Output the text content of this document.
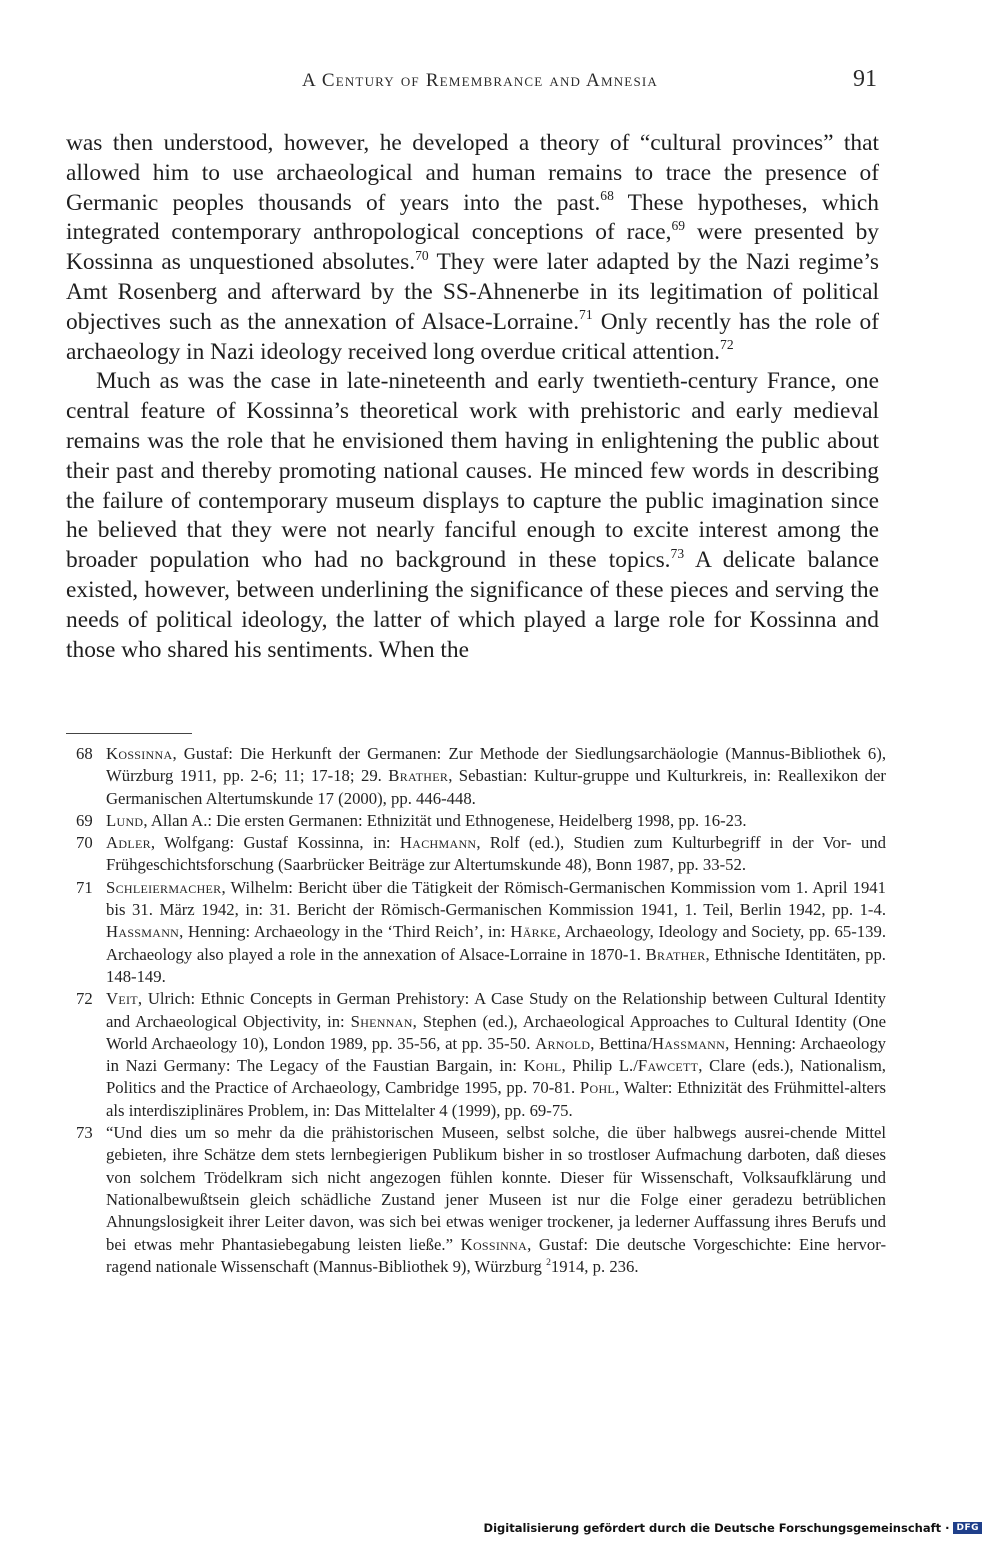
A Century of Remembrance and Amnesia	91

was then understood, however, he developed a theory of “cultural provinces” that allowed him to use archaeological and human remains to trace the presence of Germanic peoples thousands of years into the past.$^{68}$ These hypotheses, which integrated contemporary anthropological conceptions of race,$^{69}$ were presented by Kossinna as unquestioned absolutes.$^{70}$ They were later adapted by the Nazi regime’s Amt Rosenberg and afterward by the SS-Ahnenerbe in its legitimation of political objectives such as the annexation of Alsace-Lorraine.$^{71}$ Only recently has the role of archaeology in Nazi ideology received long overdue critical attention.$^{72}$

Much as was the case in late-nineteenth and early twentieth-century France, one central feature of Kossinna’s theoretical work with prehistoric and early medieval remains was the role that he envisioned them having in enlightening the public about their past and thereby promoting national causes. He minced few words in describing the failure of contemporary museum displays to capture the public imagination since he believed that they were not nearly fanciful enough to excite interest among the broader population who had no background in these topics.$^{73}$ A delicate balance existed, however, between underlining the significance of these pieces and serving the needs of political ideology, the latter of which played a large role for Kossinna and those who shared his sentiments. When the

68 Kossinna, Gustaf: Die Herkunft der Germanen: Zur Methode der Siedlungsarchäologie (Mannus-Bibliothek 6), Würzburg 1911, pp. 2-6; 11; 17-18; 29. Brather, Sebastian: Kultur-gruppe und Kulturkreis, in: Reallexikon der Germanischen Altertumskunde 17 (2000), pp. 446-448.

69 Lund, Allan A.: Die ersten Germanen: Ethnizität und Ethnogenese, Heidelberg 1998, pp. 16-23.

70 Adler, Wolfgang: Gustaf Kossinna, in: Hachmann, Rolf (ed.), Studien zum Kulturbegriff in der Vor- und Frühgeschichtsforschung (Saarbrücker Beiträge zur Altertumskunde 48), Bonn 1987, pp. 33-52.

71 Schleiermacher, Wilhelm: Bericht über die Tätigkeit der Römisch-Germanischen Kommission vom 1. April 1941 bis 31. März 1942, in: 31. Bericht der Römisch-Germanischen Kommission 1941, 1. Teil, Berlin 1942, pp. 1-4. Hassmann, Henning: Archaeology in the ‘Third Reich’, in: Härke, Archaeology, Ideology and Society, pp. 65-139. Archaeology also played a role in the annexation of Alsace-Lorraine in 1870-1. Brather, Ethnische Identitäten, pp. 148-149.

72 Veit, Ulrich: Ethnic Concepts in German Prehistory: A Case Study on the Relationship between Cultural Identity and Archaeological Objectivity, in: Shennan, Stephen (ed.), Archaeological Approaches to Cultural Identity (One World Archaeology 10), London 1989, pp. 35-56, at pp. 35-50. Arnold, Bettina/Hassmann, Henning: Archaeology in Nazi Germany: The Legacy of the Faustian Bargain, in: Kohl, Philip L./Fawcett, Clare (eds.), Nationalism, Politics and the Practice of Archaeology, Cambridge 1995, pp. 70-81. Pohl, Walter: Ethnizität des Frühmittel-alters als interdisziplinäres Problem, in: Das Mittelalter 4 (1999), pp. 69-75.

73 “Und dies um so mehr da die prähistorischen Museen, selbst solche, die über halbwegs ausrei-chende Mittel gebieten, ihre Schätze dem stets lernbegierigen Publikum bisher in so trostloser Aufmachung darboten, daß dieses von solchem Trödelkram sich nicht angezogen fühlen konnte. Dieser für Wissenschaft, Volksaufklärung und Nationalbewußtsein gleich schädliche Zustand jener Museen ist nur die Folge einer geradezu betrüblichen Ahnungslosigkeit ihrer Leiter davon, was sich bei etwas weniger trockener, ja lederner Auffassung ihres Berufs und bei etwas mehr Phantasiebegabung leisten ließe.” Kossinna, Gustaf: Die deutsche Vorgeschichte: Eine hervor-ragend nationale Wissenschaft (Mannus-Bibliothek 9), Würzburg $^2$1914, p. 236.

Digitalisierung gefördert durch die Deutsche Forschungsgemeinschaft · DFG
